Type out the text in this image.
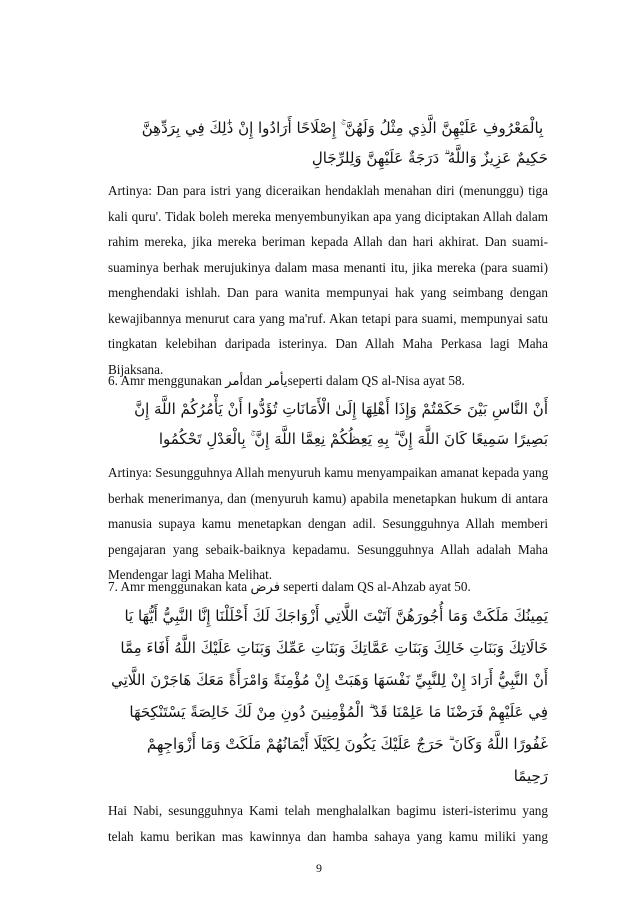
ۚ بِالْمَعْرُوفِ عَلَيْهِنَّ الَّذِي مِثْلُ وَلَهُنَّ ۚ إِصْلَاحًا أَرَادُوا إِنْ ذَٰلِكَ فِي بِرَدِّهِنَّ
حَكِيمٌ عَزِيزٌ وَاللَّهُ ۗ دَرَجَةٌ عَلَيْهِنَّ وَلِلرِّجَالِ
Artinya: Dan para istri yang diceraikan hendaklah menahan diri (menunggu) tiga
kali quru'. Tidak boleh mereka menyembunyikan apa yang diciptakan Allah dalam
rahim mereka, jika mereka beriman kepada Allah dan hari akhirat. Dan suami-
suaminya berhak merujukinya dalam masa menanti itu, jika mereka (para suami)
menghendaki ishlah. Dan para wanita mempunyai hak yang seimbang dengan
kewajibannya menurut cara yang ma'ruf. Akan tetapi para suami, mempunyai satu
tingkatan kelebihan daripada isterinya. Dan Allah Maha Perkasa lagi Maha
Bijaksana.
6. Amr menggunakan أمرdan يأمرseperti dalam QS al-Nisa ayat 58.
أَنْ النَّاسِ بَيْنَ حَكَمْتُمْ وَإِذَا أَهْلِهَا إِلَىٰ الْأَمَانَاتِ تُؤَدُّوا أَنْ يَأْمُرُكُمْ اللَّهَ إِنَّ
بَصِيرًا سَمِيعًا كَانَ اللَّهَ إِنَّ ۗ بِهِ يَعِظُكُمْ نِعِمَّا اللَّهَ إِنَّ ۚ بِالْعَدْلِ تَحْكُمُوا
Artinya: Sesungguhnya Allah menyuruh kamu menyampaikan amanat kepada yang
berhak menerimanya, dan (menyuruh kamu) apabila menetapkan hukum di antara
manusia supaya kamu menetapkan dengan adil. Sesungguhnya Allah memberi
pengajaran yang sebaik-baiknya kepadamu. Sesungguhnya Allah adalah Maha
Mendengar lagi Maha Melihat.
7. Amr menggunakan kata فرض seperti dalam QS al-Ahzab ayat 50.
يَمِينُكَ مَلَكَتْ وَمَا أُجُورَهُنَّ آتَيْتَ اللَّاتِي أَزْوَاجَكَ لَكَ أَحْلَلْنَا إِنَّا النَّبِيُّ أَيُّهَا يَا
خَالَاتِكَ وَبَنَاتِ خَالِكَ وَبَنَاتِ عَمَّاتِكَ وَبَنَاتِ عَمِّكَ وَبَنَاتِ عَلَيْكَ اللَّهُ أَفَاءَ مِمَّا
أَنْ النَّبِيُّ أَرَادَ إِنْ لِلنَّبِيِّ نَفْسَهَا وَهَبَتْ إِنْ مُؤْمِنَةً وَامْرَأَةً مَعَكَ هَاجَرْنَ اللَّاتِي
فِي عَلَيْهِمْ فَرَضْنَا مَا عَلِمْنَا قَدْ ۗ الْمُؤْمِنِينَ دُونِ مِنْ لَكَ خَالِصَةً يَسْتَنْكِحَهَا
غَفُورًا اللَّهُ وَكَانَ ۗ حَرَجٌ عَلَيْكَ يَكُونَ لِكَيْلَا أَيْمَانُهُمْ مَلَكَتْ وَمَا أَزْوَاجِهِمْ
رَحِيمًا
Hai Nabi, sesungguhnya Kami telah menghalalkan bagimu isteri-isterimu yang
telah kamu berikan mas kawinnya dan hamba sahaya yang kamu miliki yang
9
